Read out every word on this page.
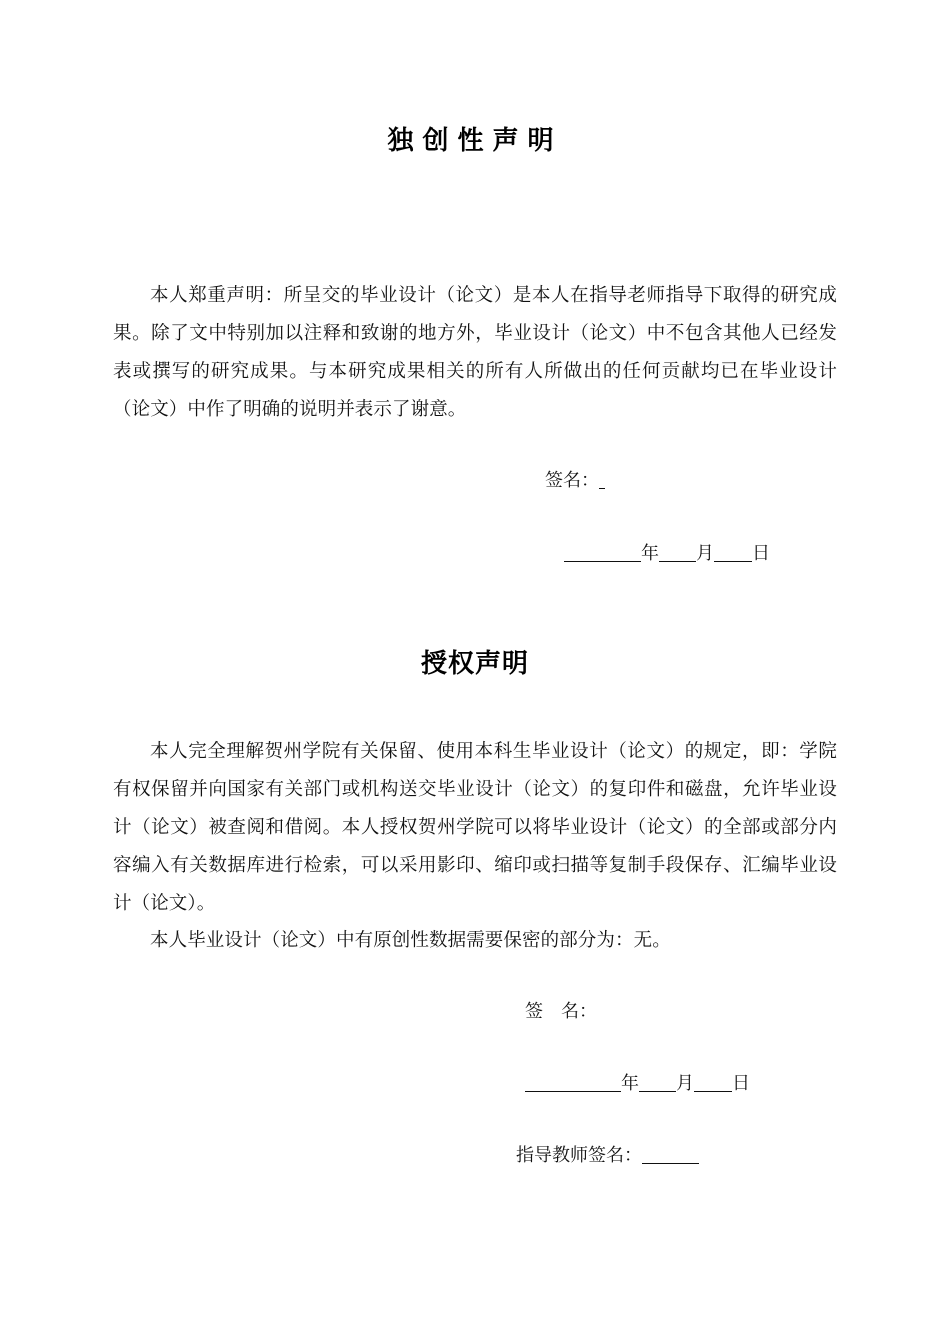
独创性声明
本人郑重声明：所呈交的毕业设计（论文）是本人在指导老师指导下取得的研究成果。除了文中特别加以注释和致谢的地方外，毕业设计（论文）中不包含其他人已经发表或撰写的研究成果。与本研究成果相关的所有人所做出的任何贡献均已在毕业设计（论文）中作了明确的说明并表示了谢意。
签名：
年 月 日
授权声明
本人完全理解贺州学院有关保留、使用本科生毕业设计（论文）的规定，即：学院有权保留并向国家有关部门或机构送交毕业设计（论文）的复印件和磁盘，允许毕业设计（论文）被查阅和借阅。本人授权贺州学院可以将毕业设计（论文）的全部或部分内容编入有关数据库进行检索，可以采用影印、缩印或扫描等复制手段保存、汇编毕业设计（论文）。
本人毕业设计（论文）中有原创性数据需要保密的部分为：无。
签　名：
年 月 日
指导教师签名：
